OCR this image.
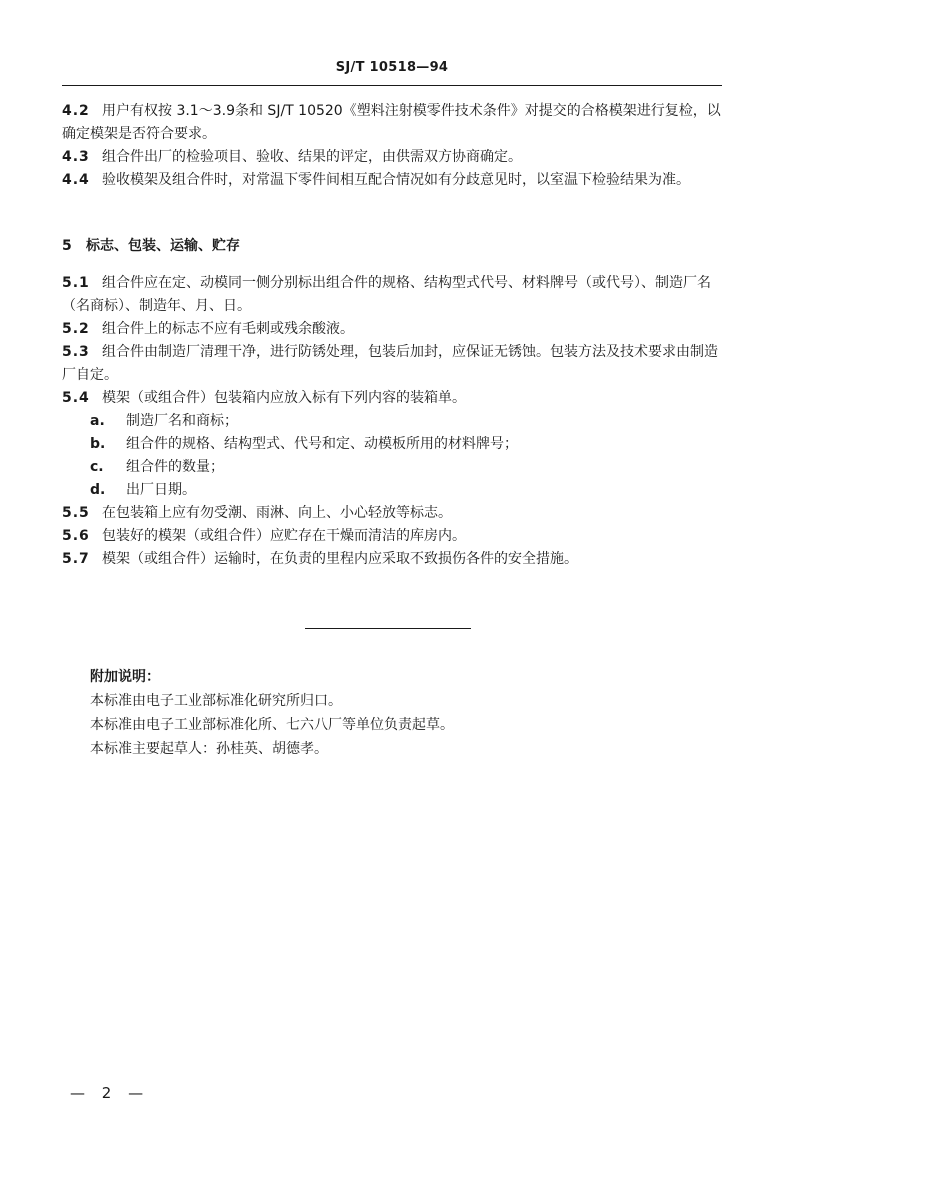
SJ/T 10518—94

4.2 用户有权按 3.1～3.9条和 SJ/T 10520《塑料注射模零件技术条件》对提交的合格模架进行复检，以确定模架是否符合要求。

4.3 组合件出厂的检验项目、验收、结果的评定，由供需双方协商确定。

4.4 验收模架及组合件时，对常温下零件间相互配合情况如有分歧意见时，以室温下检验结果为准。

5 标志、包装、运输、贮存

5.1 组合件应在定、动模同一侧分别标出组合件的规格、结构型式代号、材料牌号（或代号）、制造厂名（名商标）、制造年、月、日。

5.2 组合件上的标志不应有毛刺或残余酸液。

5.3 组合件由制造厂清理干净，进行防锈处理，包装后加封，应保证无锈蚀。包装方法及技术要求由制造厂自定。

5.4 模架（或组合件）包装箱内应放入标有下列内容的装箱单。

a. 制造厂名和商标；

b. 组合件的规格、结构型式、代号和定、动模板所用的材料牌号；

c. 组合件的数量；

d. 出厂日期。

5.5 在包装箱上应有勿受潮、雨淋、向上、小心轻放等标志。

5.6 包装好的模架（或组合件）应贮存在干燥而清洁的库房内。

5.7 模架（或组合件）运输时，在负责的里程内应采取不致损伤各件的安全措施。

附加说明：
本标准由电子工业部标准化研究所归口。
本标准由电子工业部标准化所、七六八厂等单位负责起草。
本标准主要起草人：孙桂英、胡德孝。
— 2 —
